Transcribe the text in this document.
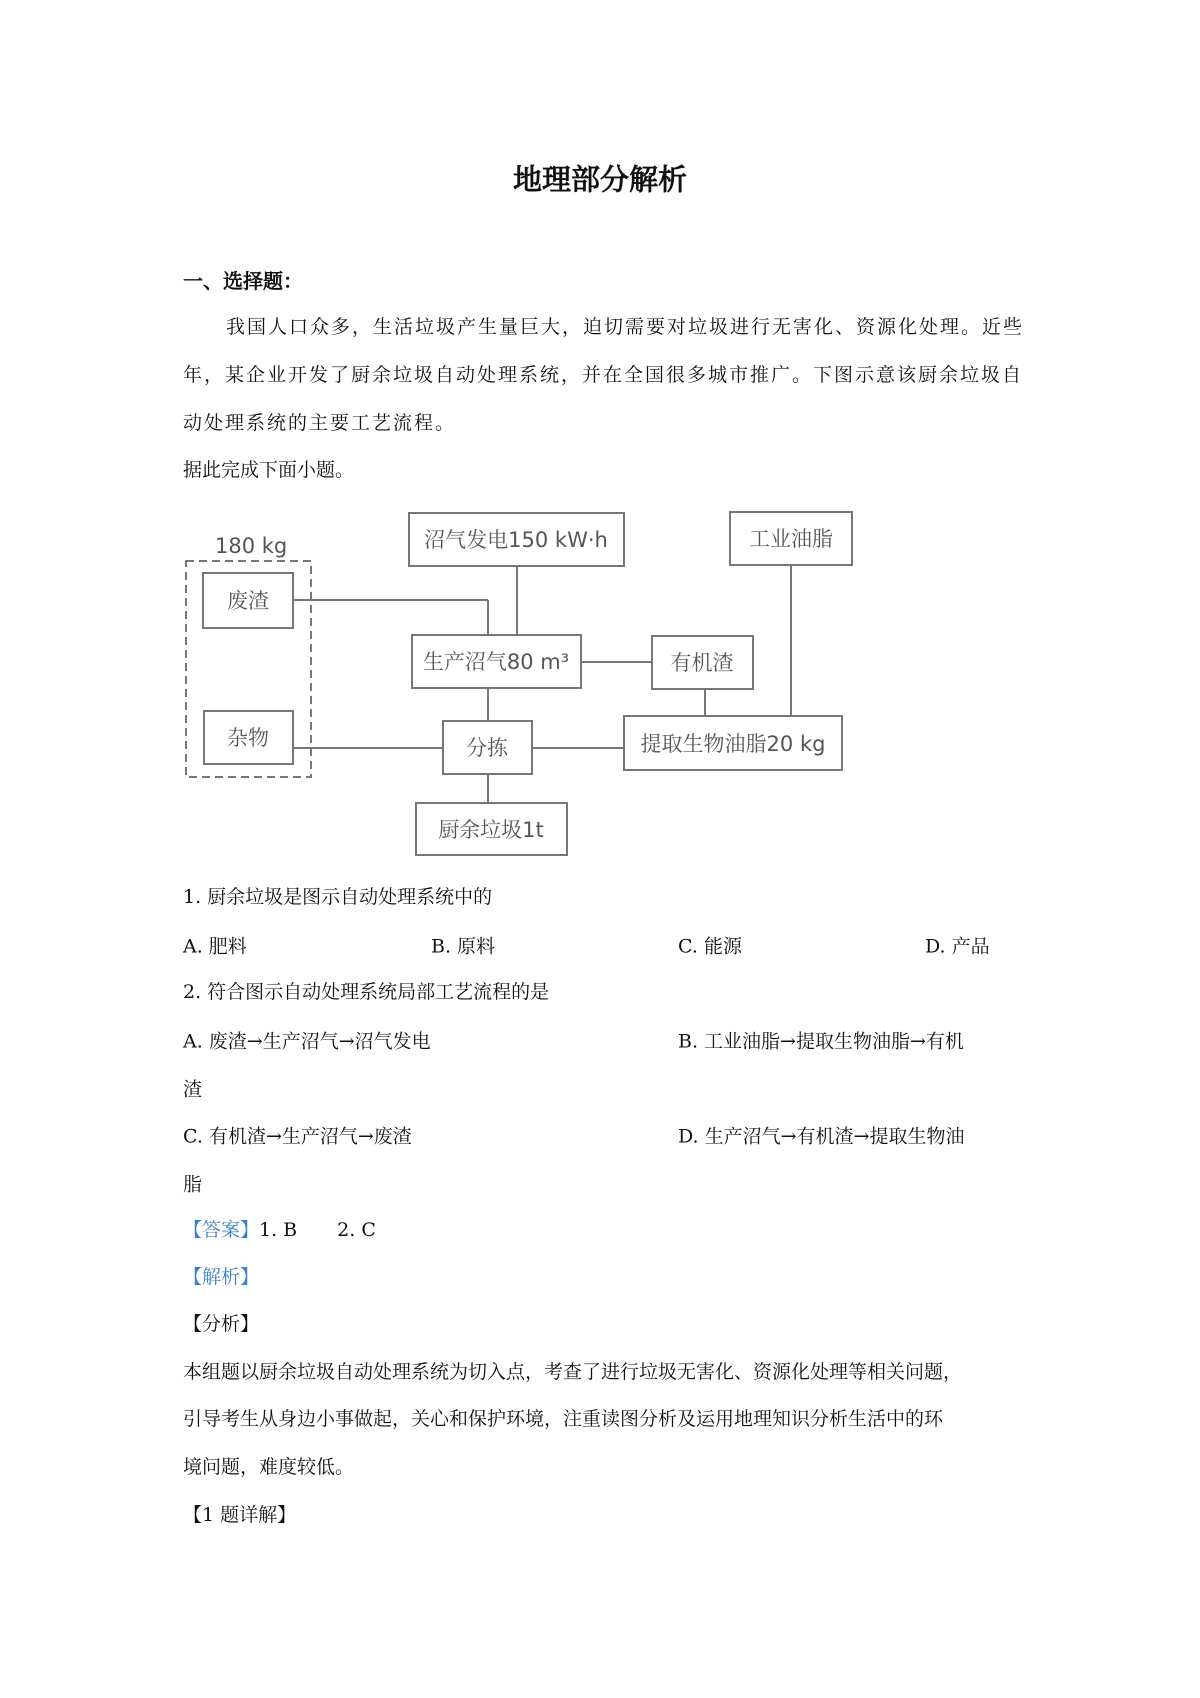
地理部分解析
一、选择题：
我国人口众多，生活垃圾产生量巨大，迫切需要对垃圾进行无害化、资源化处理。近些
年，某企业开发了厨余垃圾自动处理系统，并在全国很多城市推广。下图示意该厨余垃圾自
动处理系统的主要工艺流程。
据此完成下面小题。
180 kg
废渣
杂物
沼气发电150 kW·h	工业油脂
生产沼气80 m³	有机渣
分拣	提取生物油脂20 kg
厨余垃圾1t
1. 厨余垃圾是图示自动处理系统中的
A. 肥料	B. 原料	C. 能源	D. 产品
2. 符合图示自动处理系统局部工艺流程的是
A. 废渣→生产沼气→沼气发电	B. 工业油脂→提取生物油脂→有机
渣
C. 有机渣→生产沼气→废渣	D. 生产沼气→有机渣→提取生物油
脂
【答案】1. B 2. C
【解析】
【分析】
本组题以厨余垃圾自动处理系统为切入点，考查了进行垃圾无害化、资源化处理等相关问题，
引导考生从身边小事做起，关心和保护环境，注重读图分析及运用地理知识分析生活中的环
境问题，难度较低。
【1 题详解】
